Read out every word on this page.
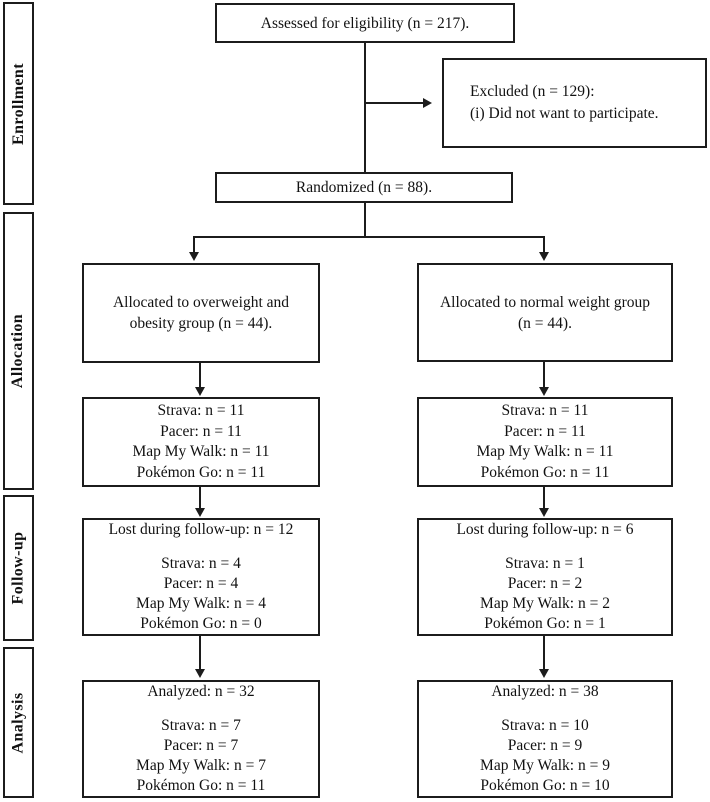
Enrollment
Allocation
Follow-up
Analysis
Assessed for eligibility (n = 217).
Excluded (n = 129):
(i) Did not want to participate.
Randomized (n = 88).
Allocated to overweight and
obesity group (n = 44).
Allocated to normal weight group
(n = 44).
Strava: n = 11
Pacer: n = 11
Map My Walk: n = 11
Pokémon Go: n = 11
Strava: n = 11
Pacer: n = 11
Map My Walk: n = 11
Pokémon Go: n = 11
Lost during follow-up: n = 12
Strava: n = 4
Pacer: n = 4
Map My Walk: n = 4
Pokémon Go: n = 0
Lost during follow-up: n = 6
Strava: n = 1
Pacer: n = 2
Map My Walk: n = 2
Pokémon Go: n = 1
Analyzed: n = 32
Strava: n = 7
Pacer: n = 7
Map My Walk: n = 7
Pokémon Go: n = 11
Analyzed: n = 38
Strava: n = 10
Pacer: n = 9
Map My Walk: n = 9
Pokémon Go: n = 10
